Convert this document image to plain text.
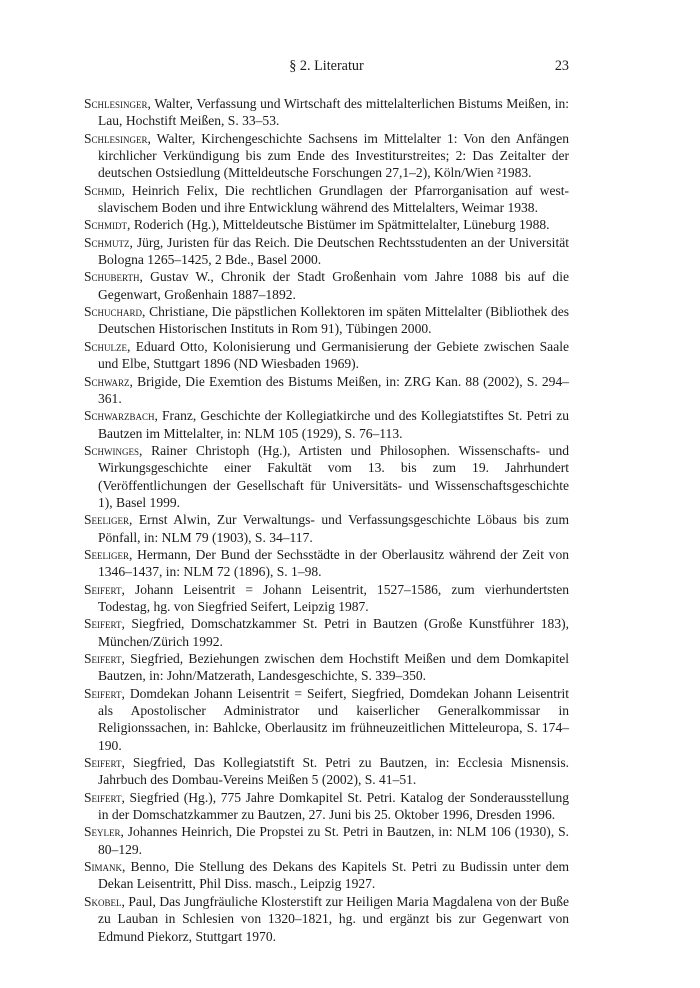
§ 2. Literatur	23
Schlesinger, Walter, Verfassung und Wirtschaft des mittelalterlichen Bistums Meißen, in: Lau, Hochstift Meißen, S. 33–53.
Schlesinger, Walter, Kirchengeschichte Sachsens im Mittelalter 1: Von den Anfängen kirchlicher Verkündigung bis zum Ende des Investiturstreites; 2: Das Zeitalter der deutschen Ostsiedlung (Mitteldeutsche Forschungen 27,1–2), Köln/Wien ²1983.
Schmid, Heinrich Felix, Die rechtlichen Grundlagen der Pfarrorganisation auf west-slavischem Boden und ihre Entwicklung während des Mittelalters, Weimar 1938.
Schmidt, Roderich (Hg.), Mitteldeutsche Bistümer im Spätmittelalter, Lüneburg 1988.
Schmutz, Jürg, Juristen für das Reich. Die Deutschen Rechtsstudenten an der Universität Bologna 1265–1425, 2 Bde., Basel 2000.
Schuberth, Gustav W., Chronik der Stadt Großenhain vom Jahre 1088 bis auf die Gegenwart, Großenhain 1887–1892.
Schuchard, Christiane, Die päpstlichen Kollektoren im späten Mittelalter (Bibliothek des Deutschen Historischen Instituts in Rom 91), Tübingen 2000.
Schulze, Eduard Otto, Kolonisierung und Germanisierung der Gebiete zwischen Saale und Elbe, Stuttgart 1896 (ND Wiesbaden 1969).
Schwarz, Brigide, Die Exemtion des Bistums Meißen, in: ZRG Kan. 88 (2002), S. 294–361.
Schwarzbach, Franz, Geschichte der Kollegiatkirche und des Kollegiatstiftes St. Petri zu Bautzen im Mittelalter, in: NLM 105 (1929), S. 76–113.
Schwinges, Rainer Christoph (Hg.), Artisten und Philosophen. Wissenschafts- und Wirkungsgeschichte einer Fakultät vom 13. bis zum 19. Jahrhundert (Veröffentlichungen der Gesellschaft für Universitäts- und Wissenschaftsgeschichte 1), Basel 1999.
Seeliger, Ernst Alwin, Zur Verwaltungs- und Verfassungsgeschichte Löbaus bis zum Pönfall, in: NLM 79 (1903), S. 34–117.
Seeliger, Hermann, Der Bund der Sechsstädte in der Oberlausitz während der Zeit von 1346–1437, in: NLM 72 (1896), S. 1–98.
Seifert, Johann Leisentrit = Johann Leisentrit, 1527–1586, zum vierhundertsten Todestag, hg. von Siegfried Seifert, Leipzig 1987.
Seifert, Siegfried, Domschatzkammer St. Petri in Bautzen (Große Kunstführer 183), München/Zürich 1992.
Seifert, Siegfried, Beziehungen zwischen dem Hochstift Meißen und dem Domkapitel Bautzen, in: John/Matzerath, Landesgeschichte, S. 339–350.
Seifert, Domdekan Johann Leisentrit = Seifert, Siegfried, Domdekan Johann Leisentrit als Apostolischer Administrator und kaiserlicher Generalkommissar in Religionssachen, in: Bahlcke, Oberlausitz im frühneuzeitlichen Mitteleuropa, S. 174–190.
Seifert, Siegfried, Das Kollegiatstift St. Petri zu Bautzen, in: Ecclesia Misnensis. Jahrbuch des Dombau-Vereins Meißen 5 (2002), S. 41–51.
Seifert, Siegfried (Hg.), 775 Jahre Domkapitel St. Petri. Katalog der Sonderausstellung in der Domschatzkammer zu Bautzen, 27. Juni bis 25. Oktober 1996, Dresden 1996.
Seyler, Johannes Heinrich, Die Propstei zu St. Petri in Bautzen, in: NLM 106 (1930), S. 80–129.
Simank, Benno, Die Stellung des Dekans des Kapitels St. Petri zu Budissin unter dem Dekan Leisentritt, Phil Diss. masch., Leipzig 1927.
Skobel, Paul, Das Jungfräuliche Klosterstift zur Heiligen Maria Magdalena von der Buße zu Lauban in Schlesien von 1320–1821, hg. und ergänzt bis zur Gegenwart von Edmund Piekorz, Stuttgart 1970.
